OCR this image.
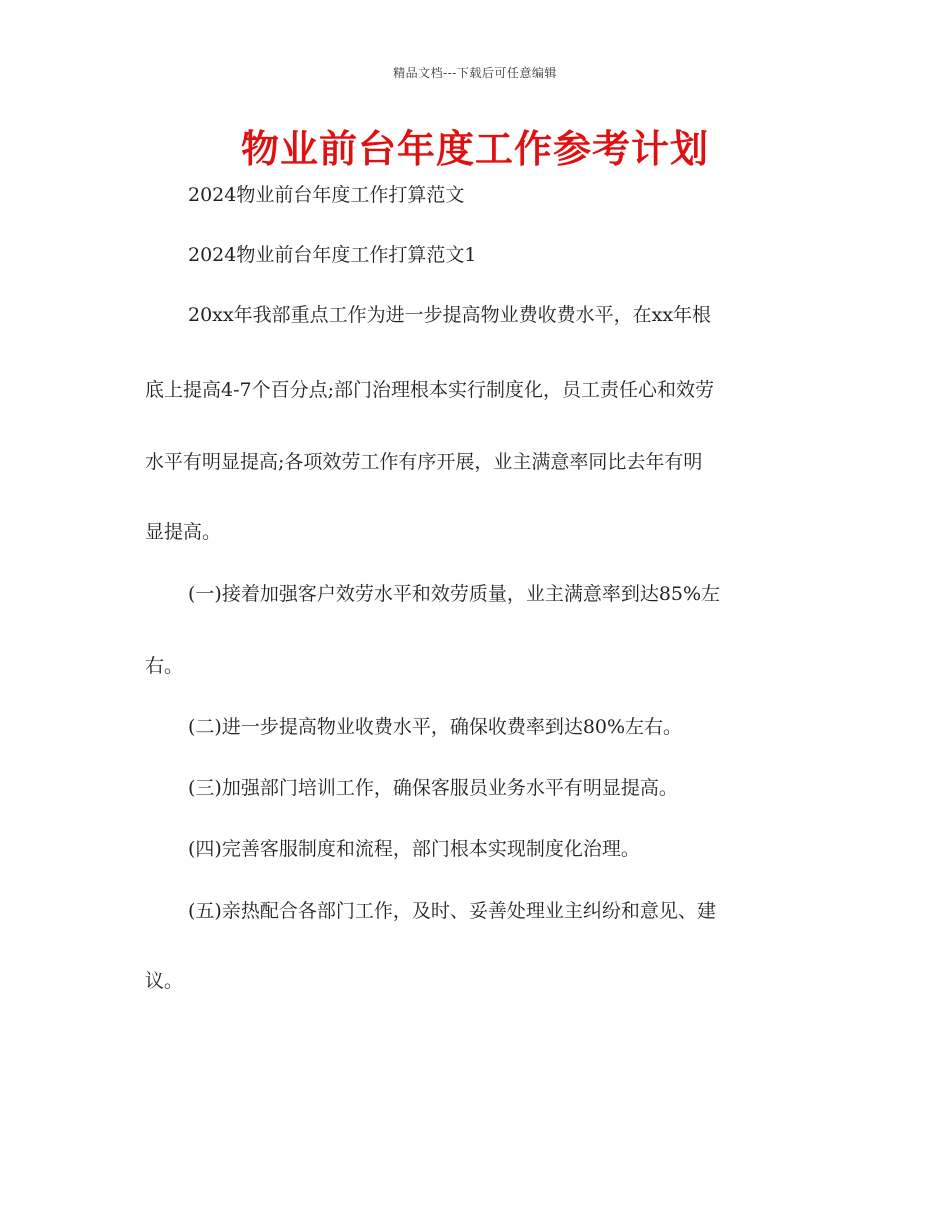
精品文档---下载后可任意编辑
物业前台年度工作参考计划
2024物业前台年度工作打算范文
2024物业前台年度工作打算范文1
20xx年我部重点工作为进一步提高物业费收费水平，在xx年根
底上提高4-7个百分点;部门治理根本实行制度化，员工责任心和效劳
水平有明显提高;各项效劳工作有序开展，业主满意率同比去年有明
显提高。
(一)接着加强客户效劳水平和效劳质量，业主满意率到达85%左
右。
(二)进一步提高物业收费水平，确保收费率到达80%左右。
(三)加强部门培训工作，确保客服员业务水平有明显提高。
(四)完善客服制度和流程，部门根本实现制度化治理。
(五)亲热配合各部门工作，及时、妥善处理业主纠纷和意见、建
议。
